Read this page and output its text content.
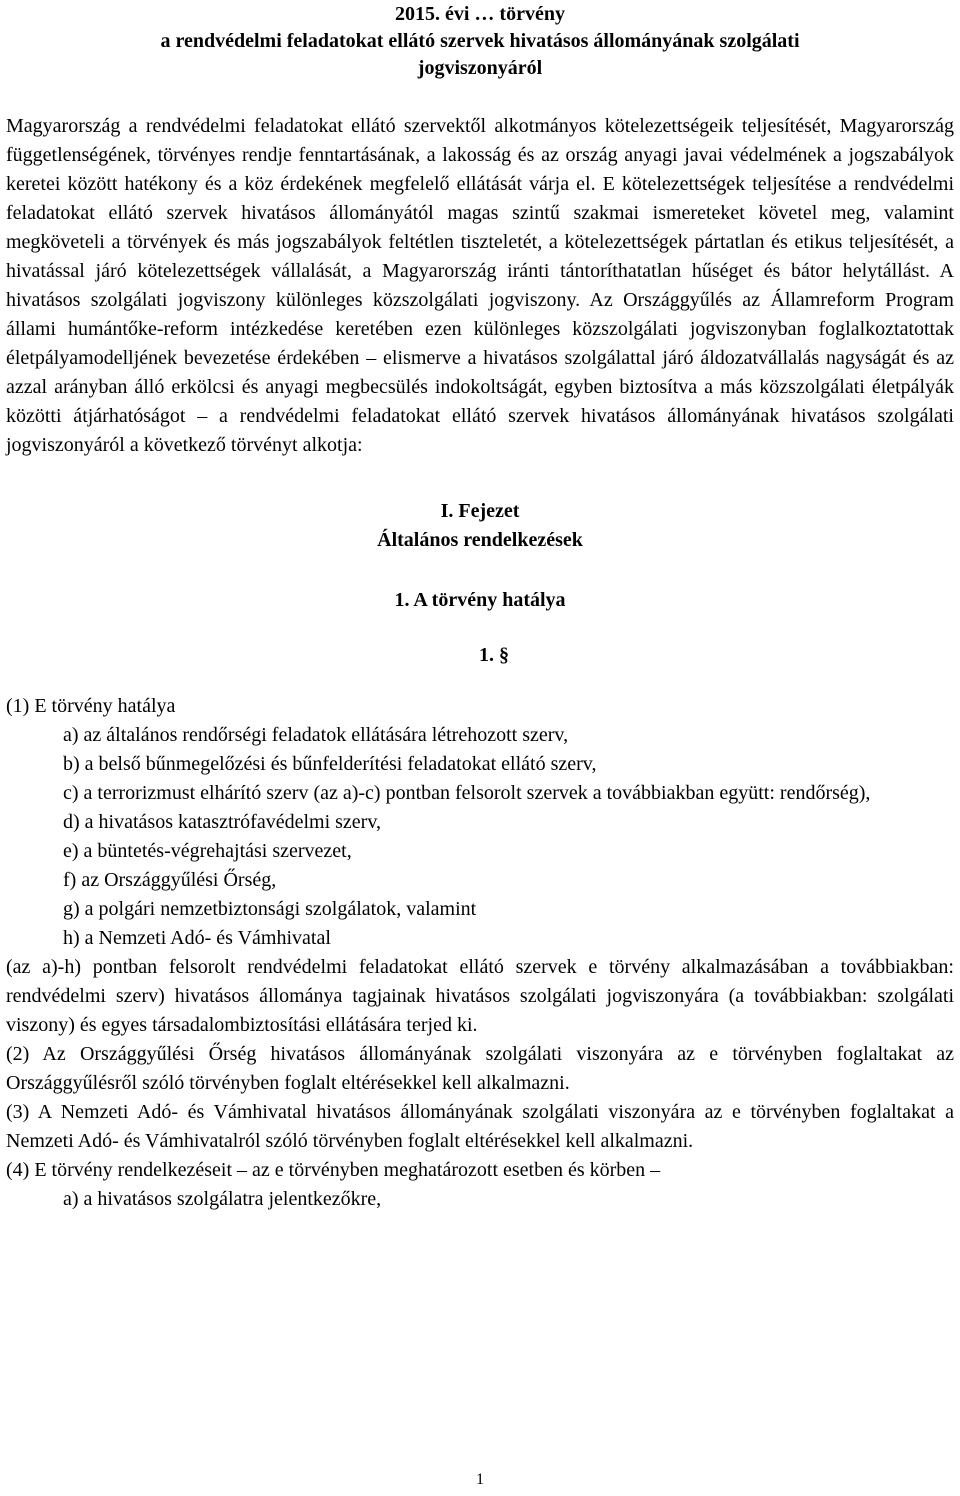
2015. évi … törvény
a rendvédelmi feladatokat ellátó szervek hivatásos állományának szolgálati
jogviszonyáról
Magyarország a rendvédelmi feladatokat ellátó szervektől alkotmányos kötelezettségeik teljesítését, Magyarország függetlenségének, törvényes rendje fenntartásának, a lakosság és az ország anyagi javai védelmének a jogszabályok keretei között hatékony és a köz érdekének megfelelő ellátását várja el. E kötelezettségek teljesítése a rendvédelmi feladatokat ellátó szervek hivatásos állományától magas szintű szakmai ismereteket követel meg, valamint megköveteli a törvények és más jogszabályok feltétlen tiszteletét, a kötelezettségek pártatlan és etikus teljesítését, a hivatással járó kötelezettségek vállalását, a Magyarország iránti tántoríthatatlan hűséget és bátor helytállást. A hivatásos szolgálati jogviszony különleges közszolgálati jogviszony. Az Országgyűlés az Államreform Program állami humántőke-reform intézkedése keretében ezen különleges közszolgálati jogviszonyban foglalkoztatottak életpályamodelljének bevezetése érdekében – elismerve a hivatásos szolgálattal járó áldozatvállalás nagyságát és az azzal arányban álló erkölcsi és anyagi megbecsülés indokoltságát, egyben biztosítva a más közszolgálati életpályák közötti átjárhatóságot – a rendvédelmi feladatokat ellátó szervek hivatásos állományának hivatásos szolgálati jogviszonyáról a következő törvényt alkotja:
I. Fejezet
Általános rendelkezések
1. A törvény hatálya
1. §

(1) E törvény hatálya

a) az általános rendőrségi feladatok ellátására létrehozott szerv,
b) a belső bűnmegelőzési és bűnfelderítési feladatokat ellátó szerv,
c) a terrorizmust elhárító szerv (az a)-c) pontban felsorolt szervek a továbbiakban együtt: rendőrség),
d) a hivatásos katasztrófavédelmi szerv,
e) a büntetés-végrehajtási szervezet,
f) az Országgyűlési Őrség,
g) a polgári nemzetbiztonsági szolgálatok, valamint
h) a Nemzeti Adó- és Vámhivatal

(az a)-h) pontban felsorolt rendvédelmi feladatokat ellátó szervek e törvény alkalmazásában a továbbiakban: rendvédelmi szerv) hivatásos állománya tagjainak hivatásos szolgálati jogviszonyára (a továbbiakban: szolgálati viszony) és egyes társadalombiztosítási ellátására terjed ki.

(2) Az Országgyűlési Őrség hivatásos állományának szolgálati viszonyára az e törvényben foglaltakat az Országgyűlésről szóló törvényben foglalt eltérésekkel kell alkalmazni.

(3) A Nemzeti Adó- és Vámhivatal hivatásos állományának szolgálati viszonyára az e törvényben foglaltakat a Nemzeti Adó- és Vámhivatalról szóló törvényben foglalt eltérésekkel kell alkalmazni.

(4) E törvény rendelkezéseit – az e törvényben meghatározott esetben és körben –

a) a hivatásos szolgálatra jelentkezőkre,
1
